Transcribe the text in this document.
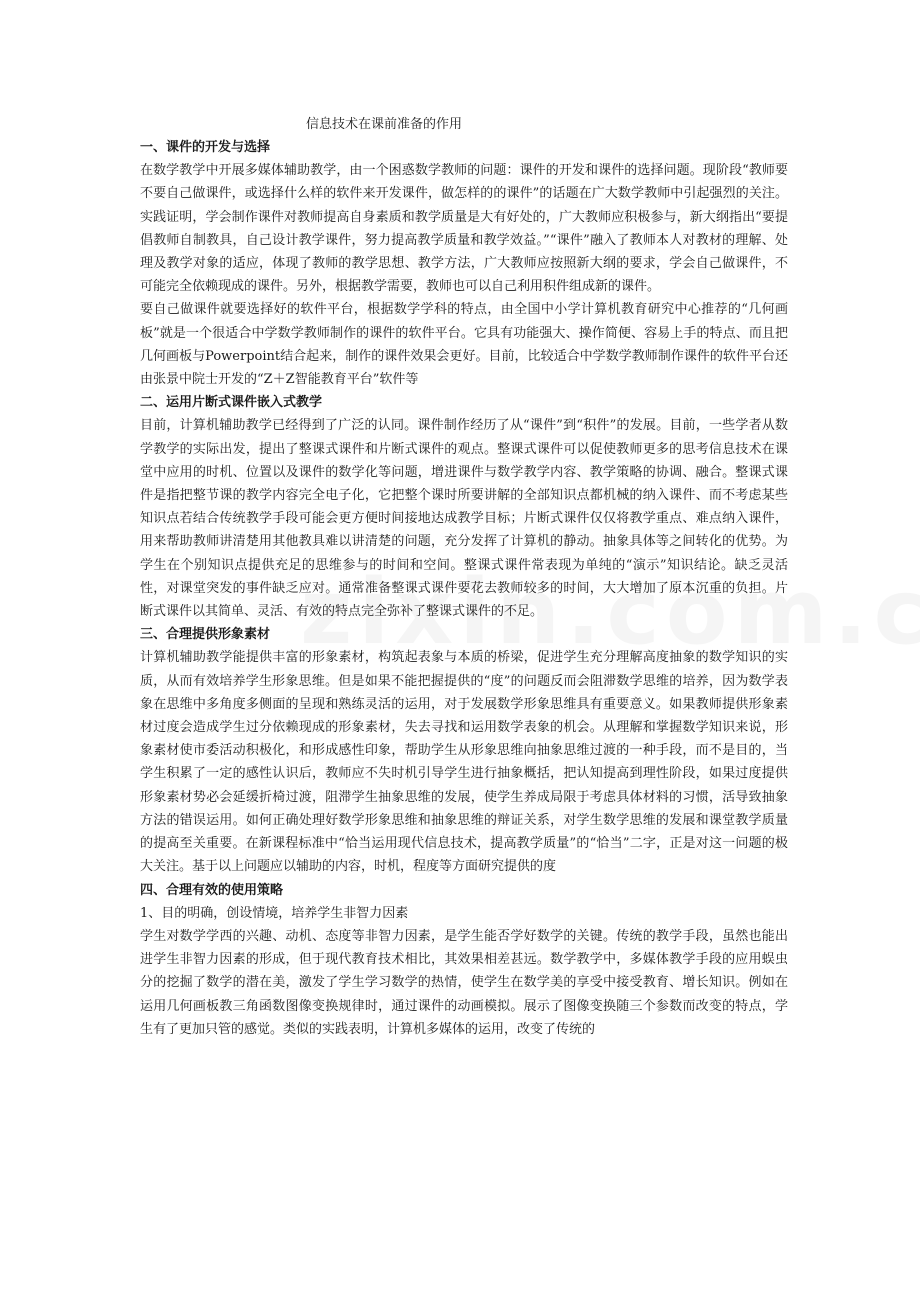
信息技术在课前准备的作用
一、课件的开发与选择

在数学教学中开展多媒体辅助教学，由一个困惑数学教师的问题：课件的开发和课件的选择问题。现阶段“教师要不要自己做课件，或选择什么样的软件来开发课件，做怎样的的课件”的话题在广大数学教师中引起强烈的关注。实践证明，学会制作课件对教师提高自身素质和教学质量是大有好处的，广大教师应积极参与，新大纲指出“要提倡教师自制教具，自己设计教学课件，努力提高教学质量和教学效益。”“课件”融入了教师本人对教材的理解、处理及教学对象的适应，体现了教师的教学思想、教学方法，广大教师应按照新大纲的要求，学会自己做课件，不可能完全依赖现成的课件。另外，根据教学需要，教师也可以自己利用积件组成新的课件。

要自己做课件就要选择好的软件平台，根据数学学科的特点，由全国中小学计算机教育研究中心推荐的“几何画板”就是一个很适合中学数学教师制作的课件的软件平台。它具有功能强大、操作简便、容易上手的特点、而且把几何画板与Powerpoint结合起来，制作的课件效果会更好。目前，比较适合中学数学教师制作课件的软件平台还由张景中院士开发的“Z＋Z智能教育平台”软件等

二、运用片断式课件嵌入式教学

目前，计算机辅助教学已经得到了广泛的认同。课件制作经历了从“课件”到“积件”的发展。目前，一些学者从数学教学的实际出发，提出了整课式课件和片断式课件的观点。整课式课件可以促使教师更多的思考信息技术在课堂中应用的时机、位置以及课件的数学化等问题，增进课件与数学教学内容、教学策略的协调、融合。整课式课件是指把整节课的教学内容完全电子化，它把整个课时所要讲解的全部知识点都机械的纳入课件、而不考虑某些知识点若结合传统教学手段可能会更方便时间接地达成教学目标；片断式课件仅仅将教学重点、难点纳入课件，用来帮助教师讲清楚用其他教具难以讲清楚的问题，充分发挥了计算机的静动。抽象具体等之间转化的优势。为学生在个别知识点提供充足的思维参与的时间和空间。整课式课件常表现为单纯的“演示”知识结论。缺乏灵活性，对课堂突发的事件缺乏应对。通常准备整课式课件要花去教师较多的时间，大大增加了原本沉重的负担。片断式课件以其简单、灵活、有效的特点完全弥补了整课式课件的不足。

三、合理提供形象素材

计算机辅助教学能提供丰富的形象素材，构筑起表象与本质的桥梁，促进学生充分理解高度抽象的数学知识的实质，从而有效培养学生形象思维。但是如果不能把握提供的“度”的问题反而会阻滞数学思维的培养，因为数学表象在思维中多角度多侧面的呈现和熟练灵活的运用，对于发展数学形象思维具有重要意义。如果教师提供形象素材过度会造成学生过分依赖现成的形象素材，失去寻找和运用数学表象的机会。从理解和掌握数学知识来说，形象素材使市委活动积极化，和形成感性印象，帮助学生从形象思维向抽象思维过渡的一种手段，而不是目的，当学生积累了一定的感性认识后，教师应不失时机引导学生进行抽象概括，把认知提高到理性阶段，如果过度提供形象素材势必会延缓折椅过渡，阻滞学生抽象思维的发展，使学生养成局限于考虑具体材料的习惯，活导致抽象方法的错误运用。如何正确处理好数学形象思维和抽象思维的辩证关系，对学生数学思维的发展和课堂教学质量的提高至关重要。在新课程标准中“恰当运用现代信息技术，提高教学质量”的“恰当”二字，正是对这一问题的极大关注。基于以上问题应以辅助的内容，时机，程度等方面研究提供的度

四、合理有效的使用策略

1、目的明确，创设情境，培养学生非智力因素

学生对数学学西的兴趣、动机、态度等非智力因素，是学生能否学好数学的关键。传统的教学手段，虽然也能出进学生非智力因素的形成，但于现代教育技术相比，其效果相差甚远。数学教学中，多媒体教学手段的应用蜈虫分的挖掘了数学的潜在美，激发了学生学习数学的热情，使学生在数学美的享受中接受教育、增长知识。例如在运用几何画板教三角函数图像变换规律时，通过课件的动画模拟。展示了图像变换随三个参数而改变的特点，学生有了更加只管的感觉。类似的实践表明，计算机多媒体的运用，改变了传统的
